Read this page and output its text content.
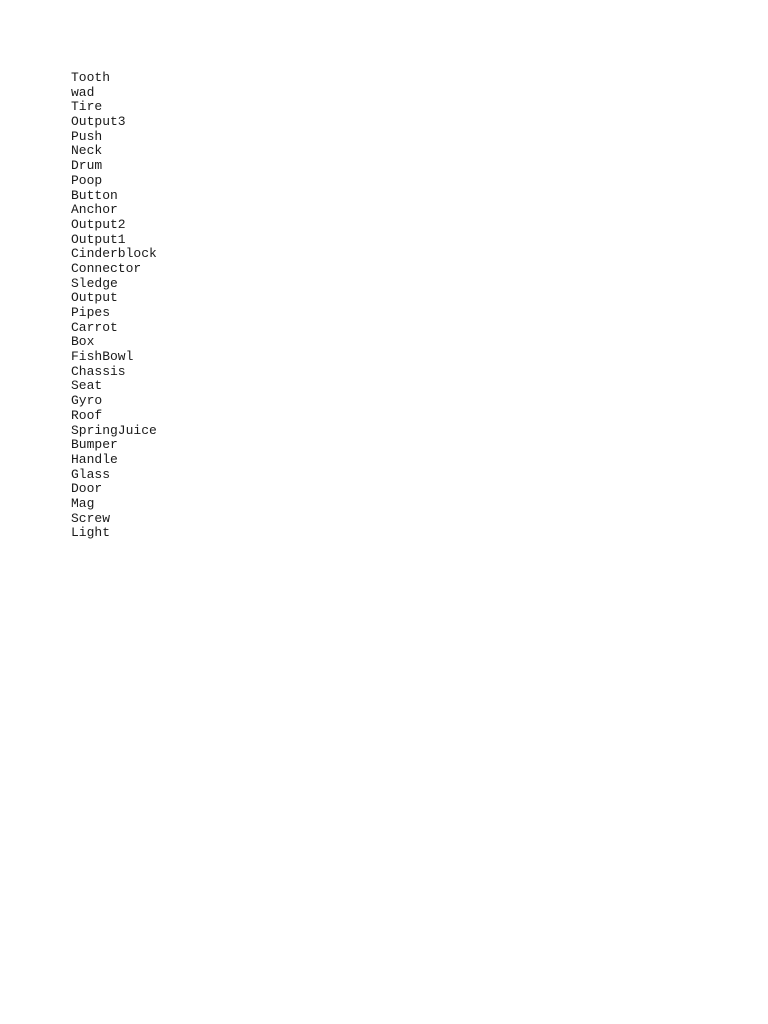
Tooth
wad
Tire
Output3
Push
Neck
Drum
Poop
Button
Anchor
Output2
Output1
Cinderblock
Connector
Sledge
Output
Pipes
Carrot
Box
FishBowl
Chassis
Seat
Gyro
Roof
SpringJuice
Bumper
Handle
Glass
Door
Mag
Screw
Light
